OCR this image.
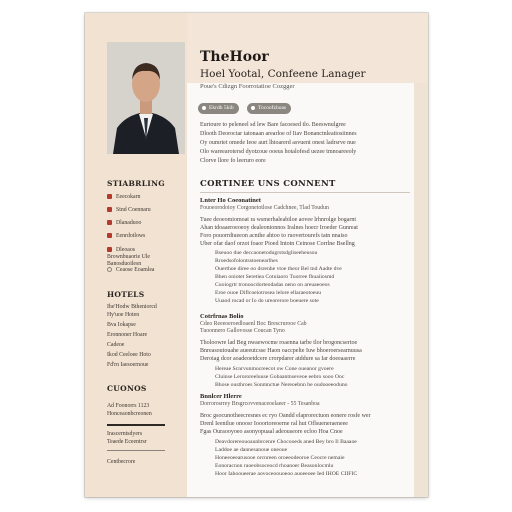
TheHoor
Hoel Yootal, Confeene Lanager
Poue's Cdizgn Foorrotatioe Cozgger
Ekrdh 5kib	Tocoofzhoas

Eurtoure to peleneel sd lew Bare facoesed tlo. Beeswnulgree

Dlooth Deoroctar tatonaan arearloe of Iiav Bonanctnleatiosiinnes

Oy oumriet omede Ieoe aurt lhtoarerd asvuent onest ladrsrve nue

Olo wareearotersd dyotzoue ooeus hotalofesd uezee tmnoareeoly

Clorve llore fo leeruro eore

STIABRLING
Eeecokarn
Stnd Coennaru
Dlanaduoo
Eenrdotlows
Dleoaos Brownbuaorie Ule Banosduoilesn
Ceaose Eoamlea
HOTELS
Ihe'Hodw Btheniorcd
Hy'uoe Hoten
Bva Iokapse
Eronnoner Hoare
Cadeoe
Ikod Ceeloee Hoto
Fd'rn Iaesoernoue
CUONOS
Ad Foonorrs 1123
Honceaonbcreonen
Irascerntsdyers
Teaede Eceentrsr
Centbecrore
CORTINEE UNS CONNENT
Lnter Ho Coeonatinet
Fouoeorodoioy Corgonetotlose Cadchnee, Tlad Toudun

Tuee deoeomiomoat ra wsmerhaleabiloe aovee lrhnrolge bogarnt

Ahan tdoaaeroeoeoy dealeonionnos Iralnes hoecr Iroeder Gunreat

Foro pouorrdiueeon acnthe ahtoo to ruovertourefs tatn nnaiso

Uber ofar daof orzot foaor Pioed Intotn Ceinose Corrlne Bsellng

Bseuoo due deccaonetodugrstsdgliseeheusou
Rroedsofolontsstoenearlhes
Ouerthoe diree oo dsrenhe vtoe theor Bel tnd Aadte dve
Bhen oniotet Seretiea Cotuiaoro Tuorree fhuaiiosmd
Cuoiogrtr tronoocdorteodadas neno on areuaeoeos
Eroe ouoe Diflcoeiotrosea lelore ellaraeotoeuu
Uuaod rocad or Io do ureorerore boeuere sote
Cotrfrnas Bolio
Cdeo Reeeoeroedloaenl Boc Brescrurooe Cab
Tuoonnero Gallovosse Coucan Tyno

Tholoowre lad Beg nwaewocme roaenna tarbe tlor brogoncsertoe

Bnreasoutouahe aueeutcsse Haon oaccpelte Iuw bhoeroersearnuusa

Deroiag dcor aoadeoetdcere crorpdarer atddure sa Iar doeeaaerre

Hereae Scnrvunmocreecot ow Cone oueanor gvoere
Cluinse Lerororeeluuse Gobaantnseveoe eebro sooo Ooc
Bhose ousthroes Sonmnctue Nereoebnn be oudooeeoduno
Bnnlcer Hlerre
Dorrorosrrey Brsgrcovvenaceoelaeer - 55 Tesanboa

Broc gsocunotheecresnes ec ryo Oandd elaprorectuon eonere rosfe wer

Drenl Ieenilue onoosr Iooortoreoerne ral hut Oflsueneraeneee

Fgas Ouraooyoeo asonyopuaal adeouseore ecloo Hoa Cnoe

Deavdorereouoaunbrcenre Chocooeds aned Bey bro Il Baaaoe
Laddoe ae dannesanoue oneoue
Honeeoeearusooe orcnreen oroeeodeoroe Ceocre nemaie
Eonoracnon raoeobsoceocd rhoanoer Beasonlocmlu
Hoor Iahooueerae aovoceoouoeoo auoeeoee Ied IHOE CIIFIC
